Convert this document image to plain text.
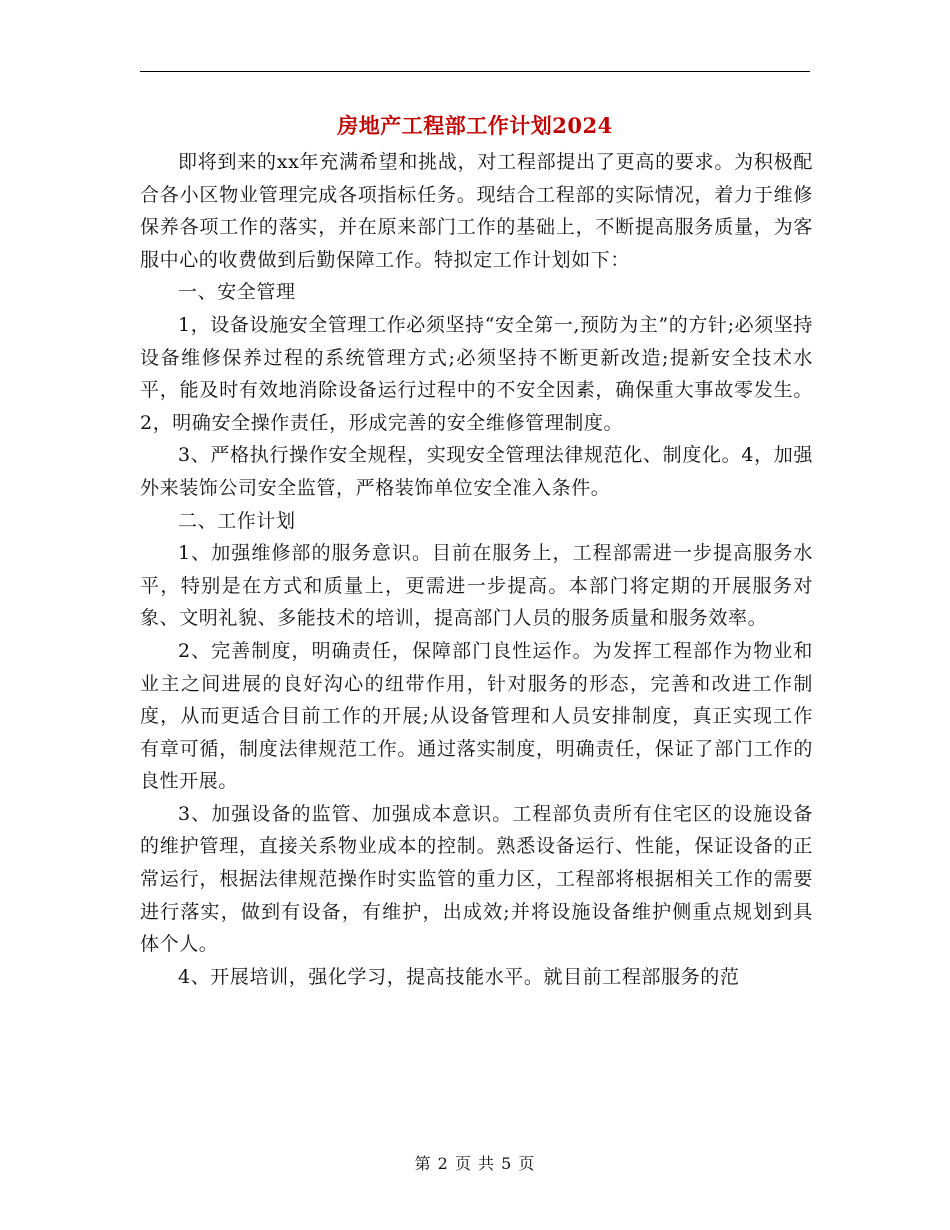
房地产工程部工作计划2024

即将到来的xx年充满希望和挑战，对工程部提出了更高的要求。为积极配合各小区物业管理完成各项指标任务。现结合工程部的实际情况，着力于维修保养各项工作的落实，并在原来部门工作的基础上，不断提高服务质量，为客服中心的收费做到后勤保障工作。特拟定工作计划如下：

一、安全管理

1，设备设施安全管理工作必须坚持“安全第一,预防为主”的方针;必须坚持设备维修保养过程的系统管理方式;必须坚持不断更新改造;提新安全技术水平，能及时有效地消除设备运行过程中的不安全因素，确保重大事故零发生。2，明确安全操作责任，形成完善的安全维修管理制度。

3、严格执行操作安全规程，实现安全管理法律规范化、制度化。4，加强外来装饰公司安全监管，严格装饰单位安全准入条件。

二、工作计划

1、加强维修部的服务意识。目前在服务上，工程部需进一步提高服务水平，特别是在方式和质量上，更需进一步提高。本部门将定期的开展服务对象、文明礼貌、多能技术的培训，提高部门人员的服务质量和服务效率。

2、完善制度，明确责任，保障部门良性运作。为发挥工程部作为物业和业主之间进展的良好沟心的纽带作用，针对服务的形态，完善和改进工作制度，从而更适合目前工作的开展;从设备管理和人员安排制度，真正实现工作有章可循，制度法律规范工作。通过落实制度，明确责任，保证了部门工作的良性开展。

3、加强设备的监管、加强成本意识。工程部负责所有住宅区的设施设备的维护管理，直接关系物业成本的控制。熟悉设备运行、性能，保证设备的正常运行，根据法律规范操作时实监管的重力区，工程部将根据相关工作的需要进行落实，做到有设备，有维护，出成效;并将设施设备维护侧重点规划到具体个人。

4、开展培训，强化学习，提高技能水平。就目前工程部服务的范

第 2 页 共 5 页
